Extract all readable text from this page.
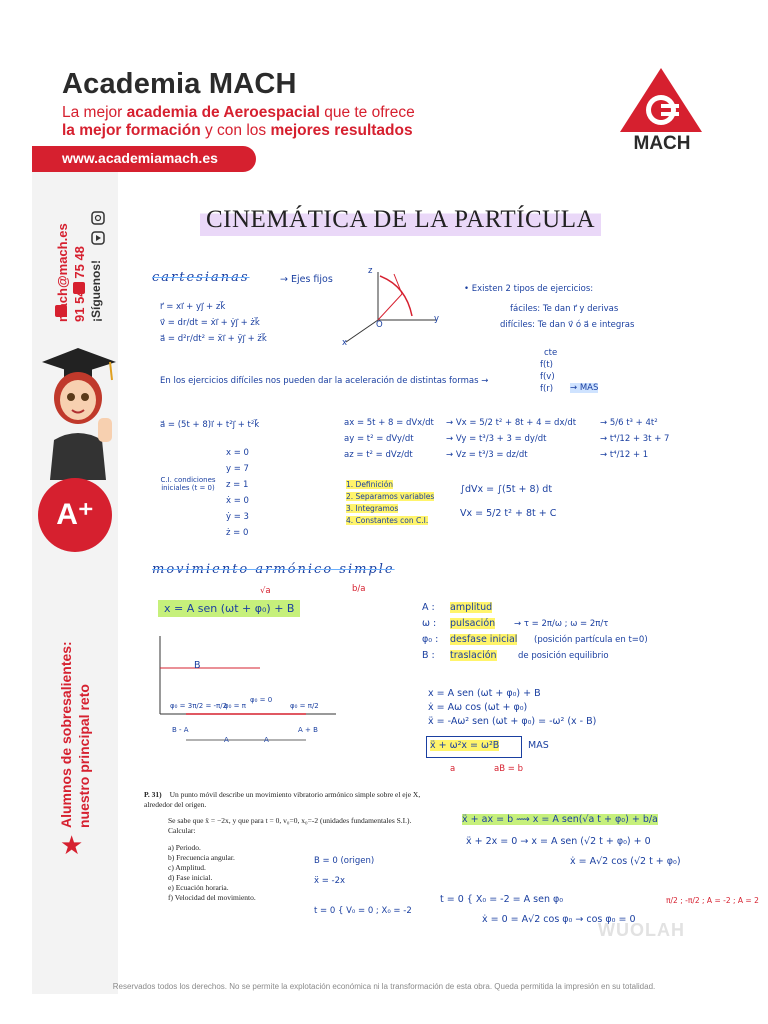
Academia MACH
La mejor academia de Aeroespacial que te ofrece
la mejor formación y con los mejores resultados
www.academiamach.es
MACH
mach@mach.es 91 543 75 48 ¡Síguenos!
A⁺
Alumnos de sobresalientes: nuestro principal reto
★
CINEMÁTICA DE LA PARTÍCULA
cartesianas	→ Ejes fijos
r⃗ = xi⃗ + yj⃗ + zk⃗
v⃗ = dr/dt = ẋi⃗ + ẏj⃗ + żk⃗
a⃗ = d²r/dt² = ẍi⃗ + ÿj⃗ + z̈k⃗
z
y
x
O
• Existen 2 tipos de ejercicios:
fáciles: Te dan r⃗ y derivas
difíciles: Te dan v⃗ ó a⃗ e integras
En los ejercicios difíciles nos pueden dar la aceleración de distintas formas →
cte
f(t)
f(v)
f(r) → MAS
a⃗ = (5t + 8)i⃗ + t²j⃗ + t²k⃗	ax = 5t + 8 = dVx/dt
ay = t² = dVy/dt
az = t² = dVz/dt
→ Vx = 5/2 t² + 8t + 4 = dx/dt
→ Vy = t³/3 + 3 = dy/dt
→ Vz = t³/3 = dz/dt
→ 5/6 t³ + 4t²
→ t⁴/12 + 3t + 7
→ t⁴/12 + 1
C.I. condiciones iniciales (t = 0)
x = 0
y = 7
z = 1
ẋ = 0
ẏ = 3
ż = 0
1. Definición
2. Separamos variables
3. Integramos
4. Constantes con C.I.
∫dVx = ∫(5t + 8) dt
Vx = 5/2 t² + 8t + C
movimiento armónico simple
√a	b/a
x = A sen (ωt + φ₀) + B	A : amplitud
ω : pulsación → τ = 2π/ω ; ω = 2π/τ
φ₀ : desfase inicial (posición partícula en t=0)
B : traslación	de posición equilibrio
B
φ₀ = 3π/2 = -π/2
φ₀ = 0
φ₀ = π/2
φ₀ = π
B - A
A	A
A + B
x = A sen (ωt + φ₀) + B
ẋ = Aω cos (ωt + φ₀)
ẍ = -Aω² sen (ωt + φ₀) = -ω² (x - B)
ẍ + ω²x = ω²B	MAS
a	aB = b
P. 31) Un punto móvil describe un movimiento vibratorio armónico simple sobre el eje X, alrededor del origen.
Se sabe que ẍ = −2x, y que para t = 0, v₀=0, x₀=-2 (unidades fundamentales S.I.). Calcular:
a) Periodo.
b) Frecuencia angular.
c) Amplitud.
d) Fase inicial.
e) Ecuación horaria.
f) Velocidad del movimiento.
B = 0 (origen)
ẍ = -2x
t = 0 { V₀ = 0 ; X₀ = -2
ẍ + ax = b ⟿ x = A sen(√a t + φ₀) + b/a
ẍ + 2x = 0 → x = A sen (√2 t + φ₀) + 0
ẋ = A√2 cos (√2 t + φ₀)
t = 0 { X₀ = -2 = A sen φ₀
ẋ = 0 = A√2 cos φ₀ → cos φ₀ = 0
π/2 ; -π/2 ; A = -2 ; A = 2
WUOLAH
Reservados todos los derechos. No se permite la explotación económica ni la transformación de esta obra. Queda permitida la impresión en su totalidad.
